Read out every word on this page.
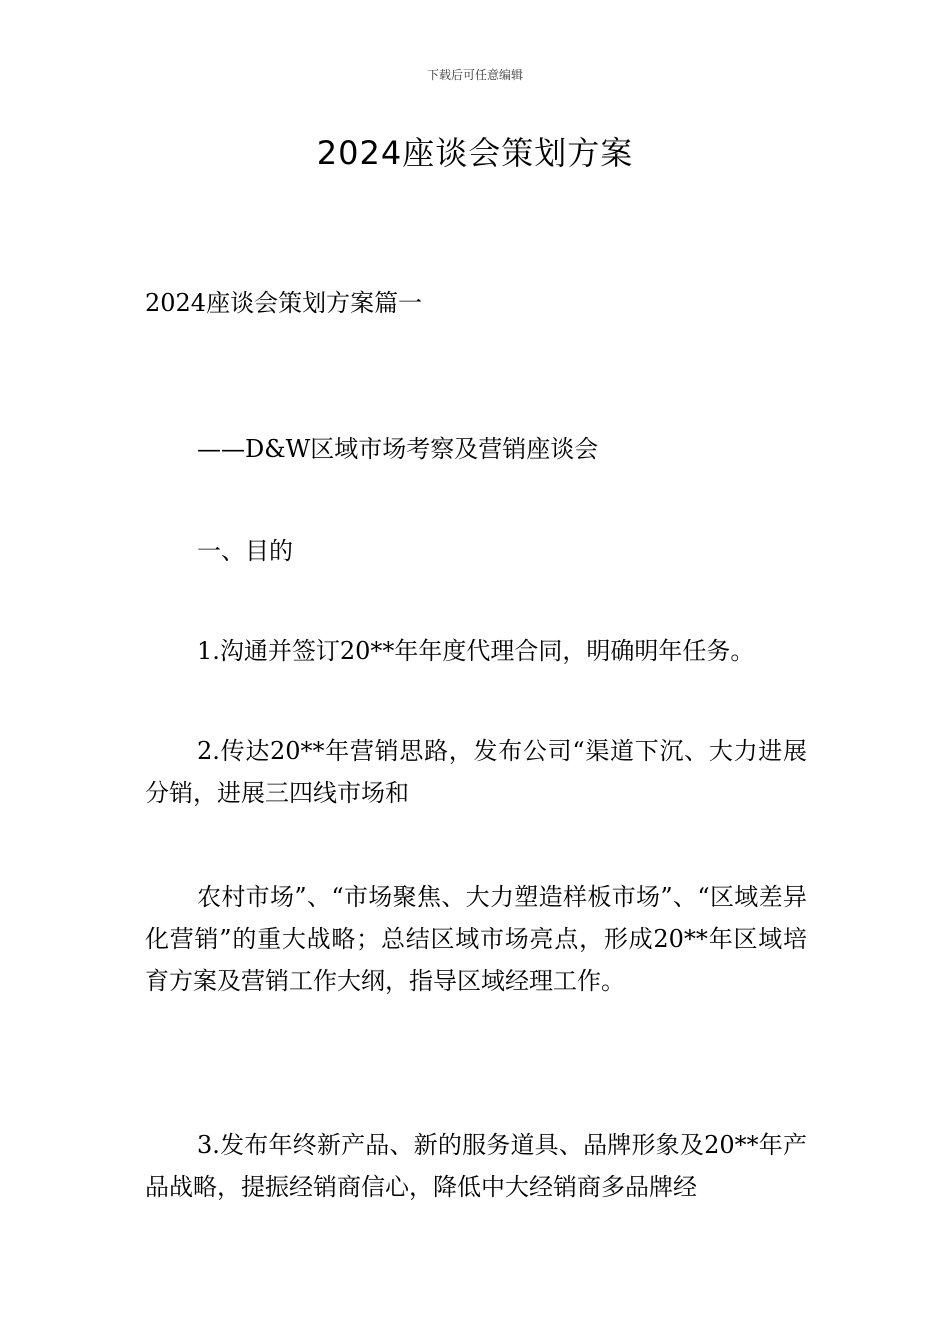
下载后可任意编辑
2024座谈会策划方案
2024座谈会策划方案篇一
——D&W区域市场考察及营销座谈会
一、目的
1.沟通并签订20**年年度代理合同，明确明年任务。
2.传达20**年营销思路，发布公司“渠道下沉、大力进展分销，进展三四线市场和
农村市场”、“市场聚焦、大力塑造样板市场”、“区域差异化营销”的重大战略；总结区域市场亮点，形成20**年区域培育方案及营销工作大纲，指导区域经理工作。
3.发布年终新产品、新的服务道具、品牌形象及20**年产品战略，提振经销商信心，降低中大经销商多品牌经
